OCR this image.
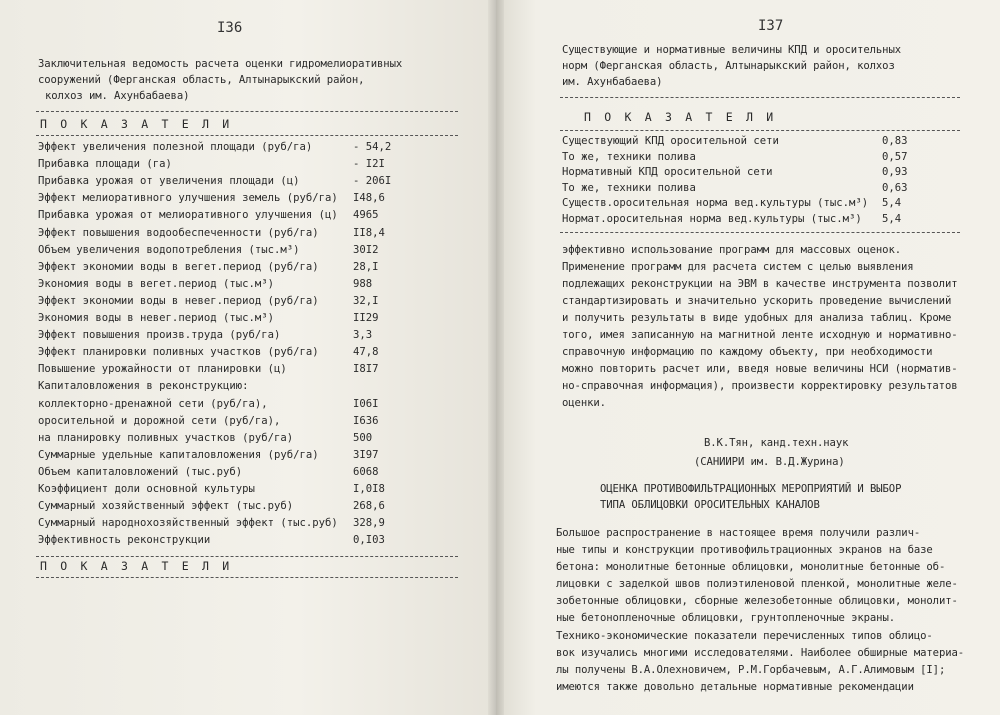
I36
Заключительная ведомость расчета оценки гидромелиоративных
сооружений (Ферганская область, Алтынарыкский район,
колхоз им. Ахунбабаева)
П О К А З А Т Е Л И
Эффект увеличения полезной площади (руб/га)	- 54,2
Прибавка площади (га)	- I2I
Прибавка урожая от увеличения площади (ц)	- 206I
Эффект мелиоративного улучшения земель (руб/га) I48,6
Прибавка урожая от мелиоративного улучшения (ц) 4965
Эффект повышения водообеспеченности (руб/га)	II8,4
Объем увеличения водопотребления (тыс.м³)	30I2
Эффект экономии воды в вегет.период (руб/га)	28,I
Экономия воды в вегет.период (тыс.м³)	988
Эффект экономии воды в невег.период (руб/га)	32,I
Экономия воды в невег.период (тыс.м³)	II29
Эффект повышения произв.труда (руб/га)	3,3
Эффект планировки поливных участков (руб/га)	47,8
Повышение урожайности от планировки (ц)	I8I7
Капиталовложения в реконструкцию:
коллекторно-дренажной сети (руб/га),	I06I
оросительной и дорожной сети (руб/га),	I636
на планировку поливных участков (руб/га)	500
Суммарные удельные капиталовложения (руб/га)	3I97
Объем капиталовложений (тыс.руб)	6068
Коэффициент доли основной культуры	I,0I8
Суммарный хозяйственный эффект (тыс.руб)	268,6
Суммарный народнохозяйственный эффект (тыс.руб) 328,9
Эффективность реконструкции	0,I03
П О К А З А Т Е Л И
I37
Существующие и нормативные величины КПД и оросительных
норм (Ферганская область, Алтынарыкский район, колхоз
им. Ахунбабаева)
П О К А З А Т Е Л И
Существующий КПД оросительной сети	0,83
То же, техники полива	0,57
Нормативный КПД оросительной сети	0,93
То же, техники полива	0,63
Существ.оросительная норма вед.культуры (тыс.м³) 5,4
Нормат.оросительная норма вед.культуры (тыс.м³) 5,4
эффективно использование программ для массовых оценок.
Применение программ для расчета систем с целью выявления
подлежащих реконструкции на ЭВМ в качестве инструмента позволит
стандартизировать и значительно ускорить проведение вычислений
и получить результаты в виде удобных для анализа таблиц. Кроме
того, имея записанную на магнитной ленте исходную и нормативно-
справочную информацию по каждому объекту, при необходимости
можно повторить расчет или, введя новые величины НСИ (норматив-
но-справочная информация), произвести корректировку результатов
оценки.
В.К.Тян, канд.техн.наук
(САНИИРИ им. В.Д.Журина)
ОЦЕНКА ПРОТИВОФИЛЬТРАЦИОННЫХ МЕРОПРИЯТИЙ И ВЫБОР
ТИПА ОБЛИЦОВКИ ОРОСИТЕЛЬНЫХ КАНАЛОВ
Большое распространение в настоящее время получили различ-
ные типы и конструкции противофильтрационных экранов на базе
бетона: монолитные бетонные облицовки, монолитные бетонные об-
лицовки с заделкой швов полиэтиленовой пленкой, монолитные желе-
зобетонные облицовки, сборные железобетонные облицовки, монолит-
ные бетонопленочные облицовки, грунтопленочные экраны.
Технико-экономические показатели перечисленных типов облицо-
вок изучались многими исследователями. Наиболее обширные материа-
лы получены В.А.Олехновичем, Р.М.Горбачевым, А.Г.Алимовым [I];
имеются также довольно детальные нормативные рекомендации
